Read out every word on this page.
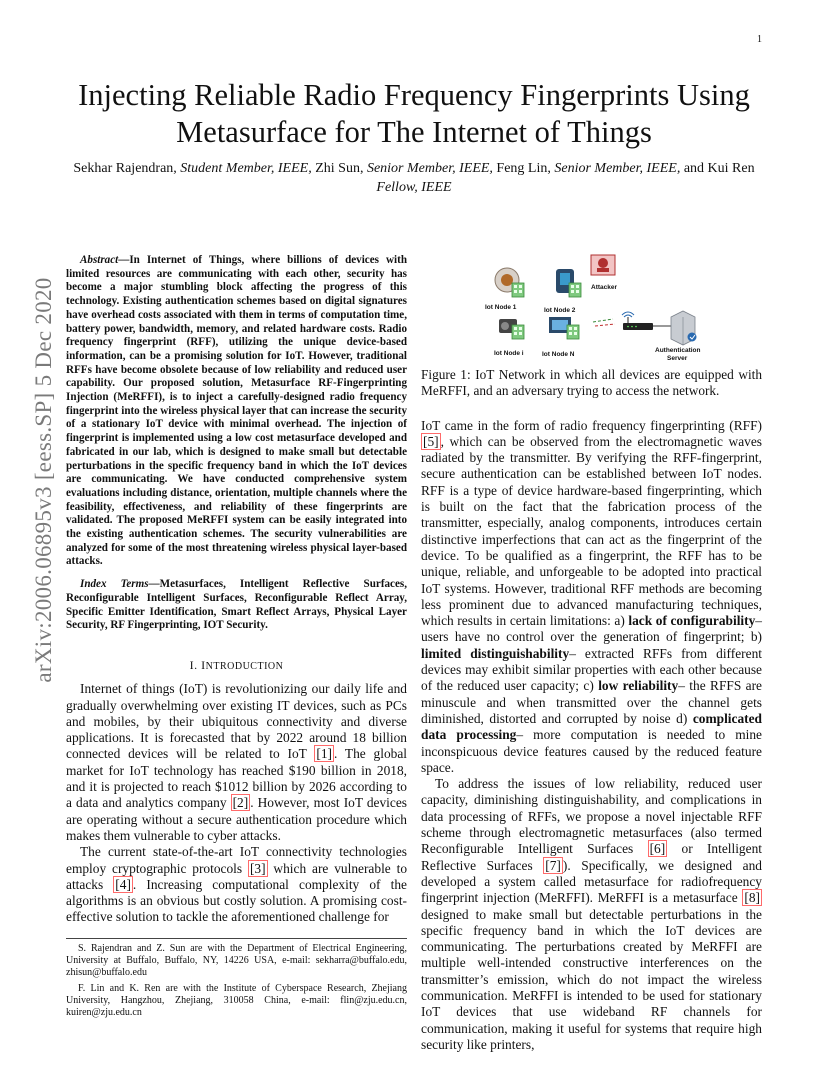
1
arXiv:2006.06895v3 [eess.SP] 5 Dec 2020
Injecting Reliable Radio Frequency Fingerprints Using Metasurface for The Internet of Things

Sekhar Rajendran, Student Member, IEEE, Zhi Sun, Senior Member, IEEE, Feng Lin, Senior Member, IEEE, and Kui Ren Fellow, IEEE

Abstract—In Internet of Things, where billions of devices with limited resources are communicating with each other, security has become a major stumbling block affecting the progress of this technology. Existing authentication schemes based on digital signatures have overhead costs associated with them in terms of computation time, battery power, bandwidth, memory, and related hardware costs. Radio frequency fingerprint (RFF), utilizing the unique device-based information, can be a promising solution for IoT. However, traditional RFFs have become obsolete because of low reliability and reduced user capability. Our proposed solution, Metasurface RF-Fingerprinting Injection (MeRFFI), is to inject a carefully-designed radio frequency fingerprint into the wireless physical layer that can increase the security of a stationary IoT device with minimal overhead. The injection of fingerprint is implemented using a low cost metasurface developed and fabricated in our lab, which is designed to make small but detectable perturbations in the specific frequency band in which the IoT devices are communicating. We have conducted comprehensive system evaluations including distance, orientation, multiple channels where the feasibility, effectiveness, and reliability of these fingerprints are validated. The proposed MeRFFI system can be easily integrated into the existing authentication schemes. The security vulnerabilities are analyzed for some of the most threatening wireless physical layer-based attacks.

Index Terms—Metasurfaces, Intelligent Reflective Surfaces, Reconfigurable Intelligent Surfaces, Reconfigurable Reflect Array, Specific Emitter Identification, Smart Reflect Arrays, Physical Layer Security, RF Fingerprinting, IOT Security.

I. INTRODUCTION

Internet of things (IoT) is revolutionizing our daily life and gradually overwhelming over existing IT devices, such as PCs and mobiles, by their ubiquitous connectivity and diverse applications. It is forecasted that by 2022 around 18 billion connected devices will be related to IoT [1] . The global market for IoT technology has reached $190 billion in 2018, and it is projected to reach $1012 billion by 2026 according to a data and analytics company [2] . However, most IoT devices are operating without a secure authentication procedure which makes them vulnerable to cyber attacks.

The current state-of-the-art IoT connectivity technologies employ cryptographic protocols [3] which are vulnerable to attacks [4] . Increasing computational complexity of the algorithms is an obvious but costly solution. A promising cost-effective solution to tackle the aforementioned challenge for

S. Rajendran and Z. Sun are with the Department of Electrical Engineering, University at Buffalo, Buffalo, NY, 14226 USA, e-mail: sekharra@buffalo.edu, zhisun@buffalo.edu

F. Lin and K. Ren are with the Institute of Cyberspace Research, Zhejiang University, Hangzhou, Zhejiang, 310058 China, e-mail: flin@zju.edu.cn, kuiren@zju.edu.cn

Iot Node 1	Iot Node 2
Attacker
Iot Node i	Iot Node N
Authentication
Server

Figure 1: IoT Network in which all devices are equipped with MeRFFI, and an adversary trying to access the network.

IoT came in the form of radio frequency fingerprinting (RFF) [5] , which can be observed from the electromagnetic waves radiated by the transmitter. By verifying the RFF-fingerprint, secure authentication can be established between IoT nodes. RFF is a type of device hardware-based fingerprinting, which is built on the fact that the fabrication process of the transmitter, especially, analog components, introduces certain distinctive imperfections that can act as the fingerprint of the device. To be qualified as a fingerprint, the RFF has to be unique, reliable, and unforgeable to be adopted into practical IoT systems. However, traditional RFF methods are becoming less prominent due to advanced manufacturing techniques, which results in certain limitations: a) lack of configurability– users have no control over the generation of fingerprint; b) limited distinguishability– extracted RFFs from different devices may exhibit similar properties with each other because of the reduced user capacity; c) low reliability– the RFFS are minuscule and when transmitted over the channel gets diminished, distorted and corrupted by noise d) complicated data processing– more computation is needed to mine inconspicuous device features caused by the reduced feature space.

To address the issues of low reliability, reduced user capacity, diminishing distinguishability, and complications in data processing of RFFs, we propose a novel injectable RFF scheme through electromagnetic metasurfaces (also termed Reconfigurable Intelligent Surfaces [6] or Intelligent Reflective Surfaces [7] ). Specifically, we designed and developed a system called metasurface for radiofrequency fingerprint injection (MeRFFI). MeRFFI is a metasurface [8] designed to make small but detectable perturbations in the specific frequency band in which the IoT devices are communicating. The perturbations created by MeRFFI are multiple well-intended constructive interferences on the transmitter’s emission, which do not impact the wireless communication. MeRFFI is intended to be used for stationary IoT devices that use wideband RF channels for communication, making it useful for systems that require high security like printers,
